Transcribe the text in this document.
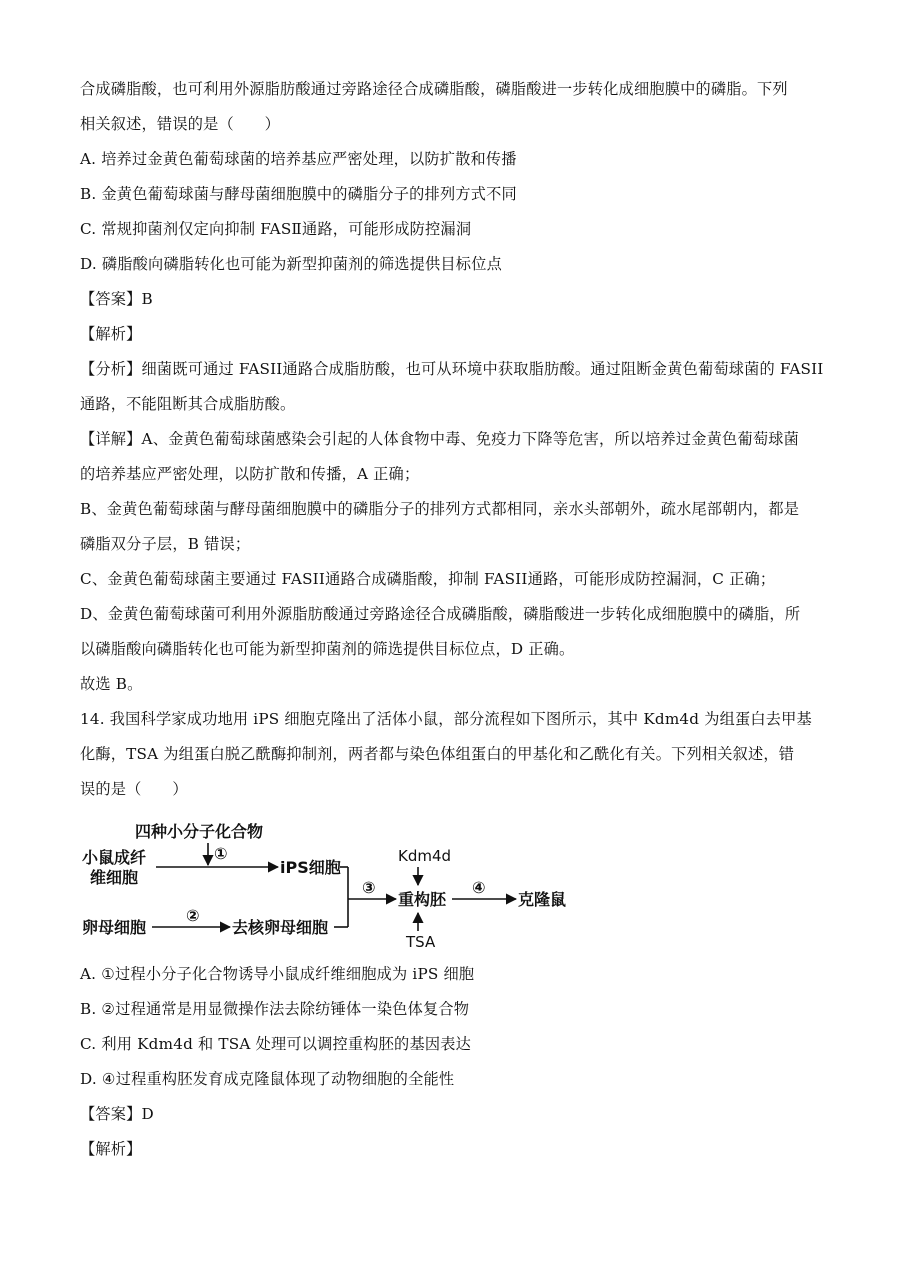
合成磷脂酸，也可利用外源脂肪酸通过旁路途径合成磷脂酸，磷脂酸进一步转化成细胞膜中的磷脂。下列
相关叙述，错误的是（　　）
A. 培养过金黄色葡萄球菌的培养基应严密处理，以防扩散和传播
B. 金黄色葡萄球菌与酵母菌细胞膜中的磷脂分子的排列方式不同
C. 常规抑菌剂仅定向抑制 FASⅡ通路，可能形成防控漏洞
D. 磷脂酸向磷脂转化也可能为新型抑菌剂的筛选提供目标位点
【答案】B
【解析】
【分析】细菌既可通过 FASII通路合成脂肪酸，也可从环境中获取脂肪酸。通过阻断金黄色葡萄球菌的 FASII
通路，不能阻断其合成脂肪酸。
【详解】A、金黄色葡萄球菌感染会引起的人体食物中毒、免疫力下降等危害，所以培养过金黄色葡萄球菌
的培养基应严密处理，以防扩散和传播，A 正确；
B、金黄色葡萄球菌与酵母菌细胞膜中的磷脂分子的排列方式都相同，亲水头部朝外，疏水尾部朝内，都是
磷脂双分子层，B 错误；
C、金黄色葡萄球菌主要通过 FASII通路合成磷脂酸，抑制 FASII通路，可能形成防控漏洞，C 正确；
D、金黄色葡萄球菌可利用外源脂肪酸通过旁路途径合成磷脂酸，磷脂酸进一步转化成细胞膜中的磷脂，所
以磷脂酸向磷脂转化也可能为新型抑菌剂的筛选提供目标位点，D 正确。
故选 B。
14. 我国科学家成功地用 iPS 细胞克隆出了活体小鼠，部分流程如下图所示，其中 Kdm4d 为组蛋白去甲基
化酶，TSA 为组蛋白脱乙酰酶抑制剂，两者都与染色体组蛋白的甲基化和乙酰化有关。下列相关叙述，错
误的是（　　）
四种小分子化合物
①
小鼠成纤
维细胞
iPS细胞
卵母细胞
②
去核卵母细胞
③
Kdm4d
重构胚
TSA
④
克隆鼠
A. ①过程小分子化合物诱导小鼠成纤维细胞成为 iPS 细胞
B. ②过程通常是用显微操作法去除纺锤体一染色体复合物
C. 利用 Kdm4d 和 TSA 处理可以调控重构胚的基因表达
D. ④过程重构胚发育成克隆鼠体现了动物细胞的全能性
【答案】D
【解析】
